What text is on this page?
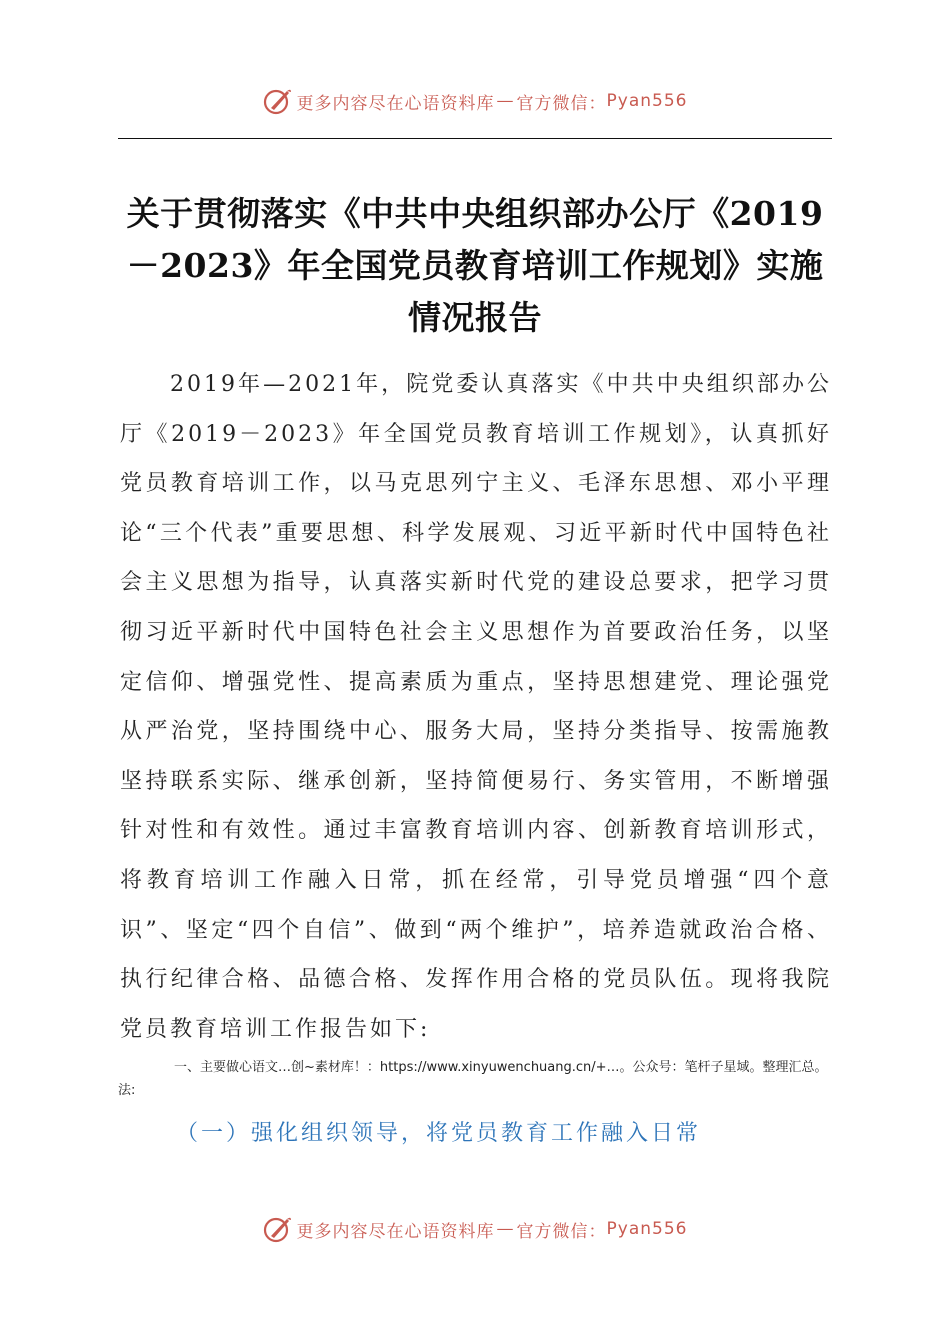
更多内容尽在心语资料库 — 官方微信： Pyan556
关于贯彻落实《中共中央组织部办公厅《2019－2023》年全国党员教育培训工作规划》实施情况报告

2019年—2021年，院党委认真落实《中共中央组织部办公厅《2019－2023》年全国党员教育培训工作规划》，认真抓好党员教育培训工作，以马克思列宁主义、毛泽东思想、邓小平理论“三个代表”重要思想、科学发展观、习近平新时代中国特色社会主义思想为指导，认真落实新时代党的建设总要求，把学习贯彻习近平新时代中国特色社会主义思想作为首要政治任务，以坚定信仰、增强党性、提高素质为重点，坚持思想建党、理论强党从严治党，坚持围绕中心、服务大局，坚持分类指导、按需施教坚持联系实际、继承创新，坚持简便易行、务实管用，不断增强针对性和有效性。通过丰富教育培训内容、创新教育培训形式，将教育培训工作融入日常，抓在经常，引导党员增强“四个意识”、坚定“四个自信”、做到“两个维护”，培养造就政治合格、执行纪律合格、品德合格、发挥作用合格的党员队伍。现将我院党员教育培训工作报告如下:

一、主要做心语文…创~素材库！：https://www.xinyuwenchuang.cn/+…。公众号：笔杆子星域。整理汇总。法:

（一）强化组织领导，将党员教育工作融入日常

更多内容尽在心语资料库 — 官方微信： Pyan556
